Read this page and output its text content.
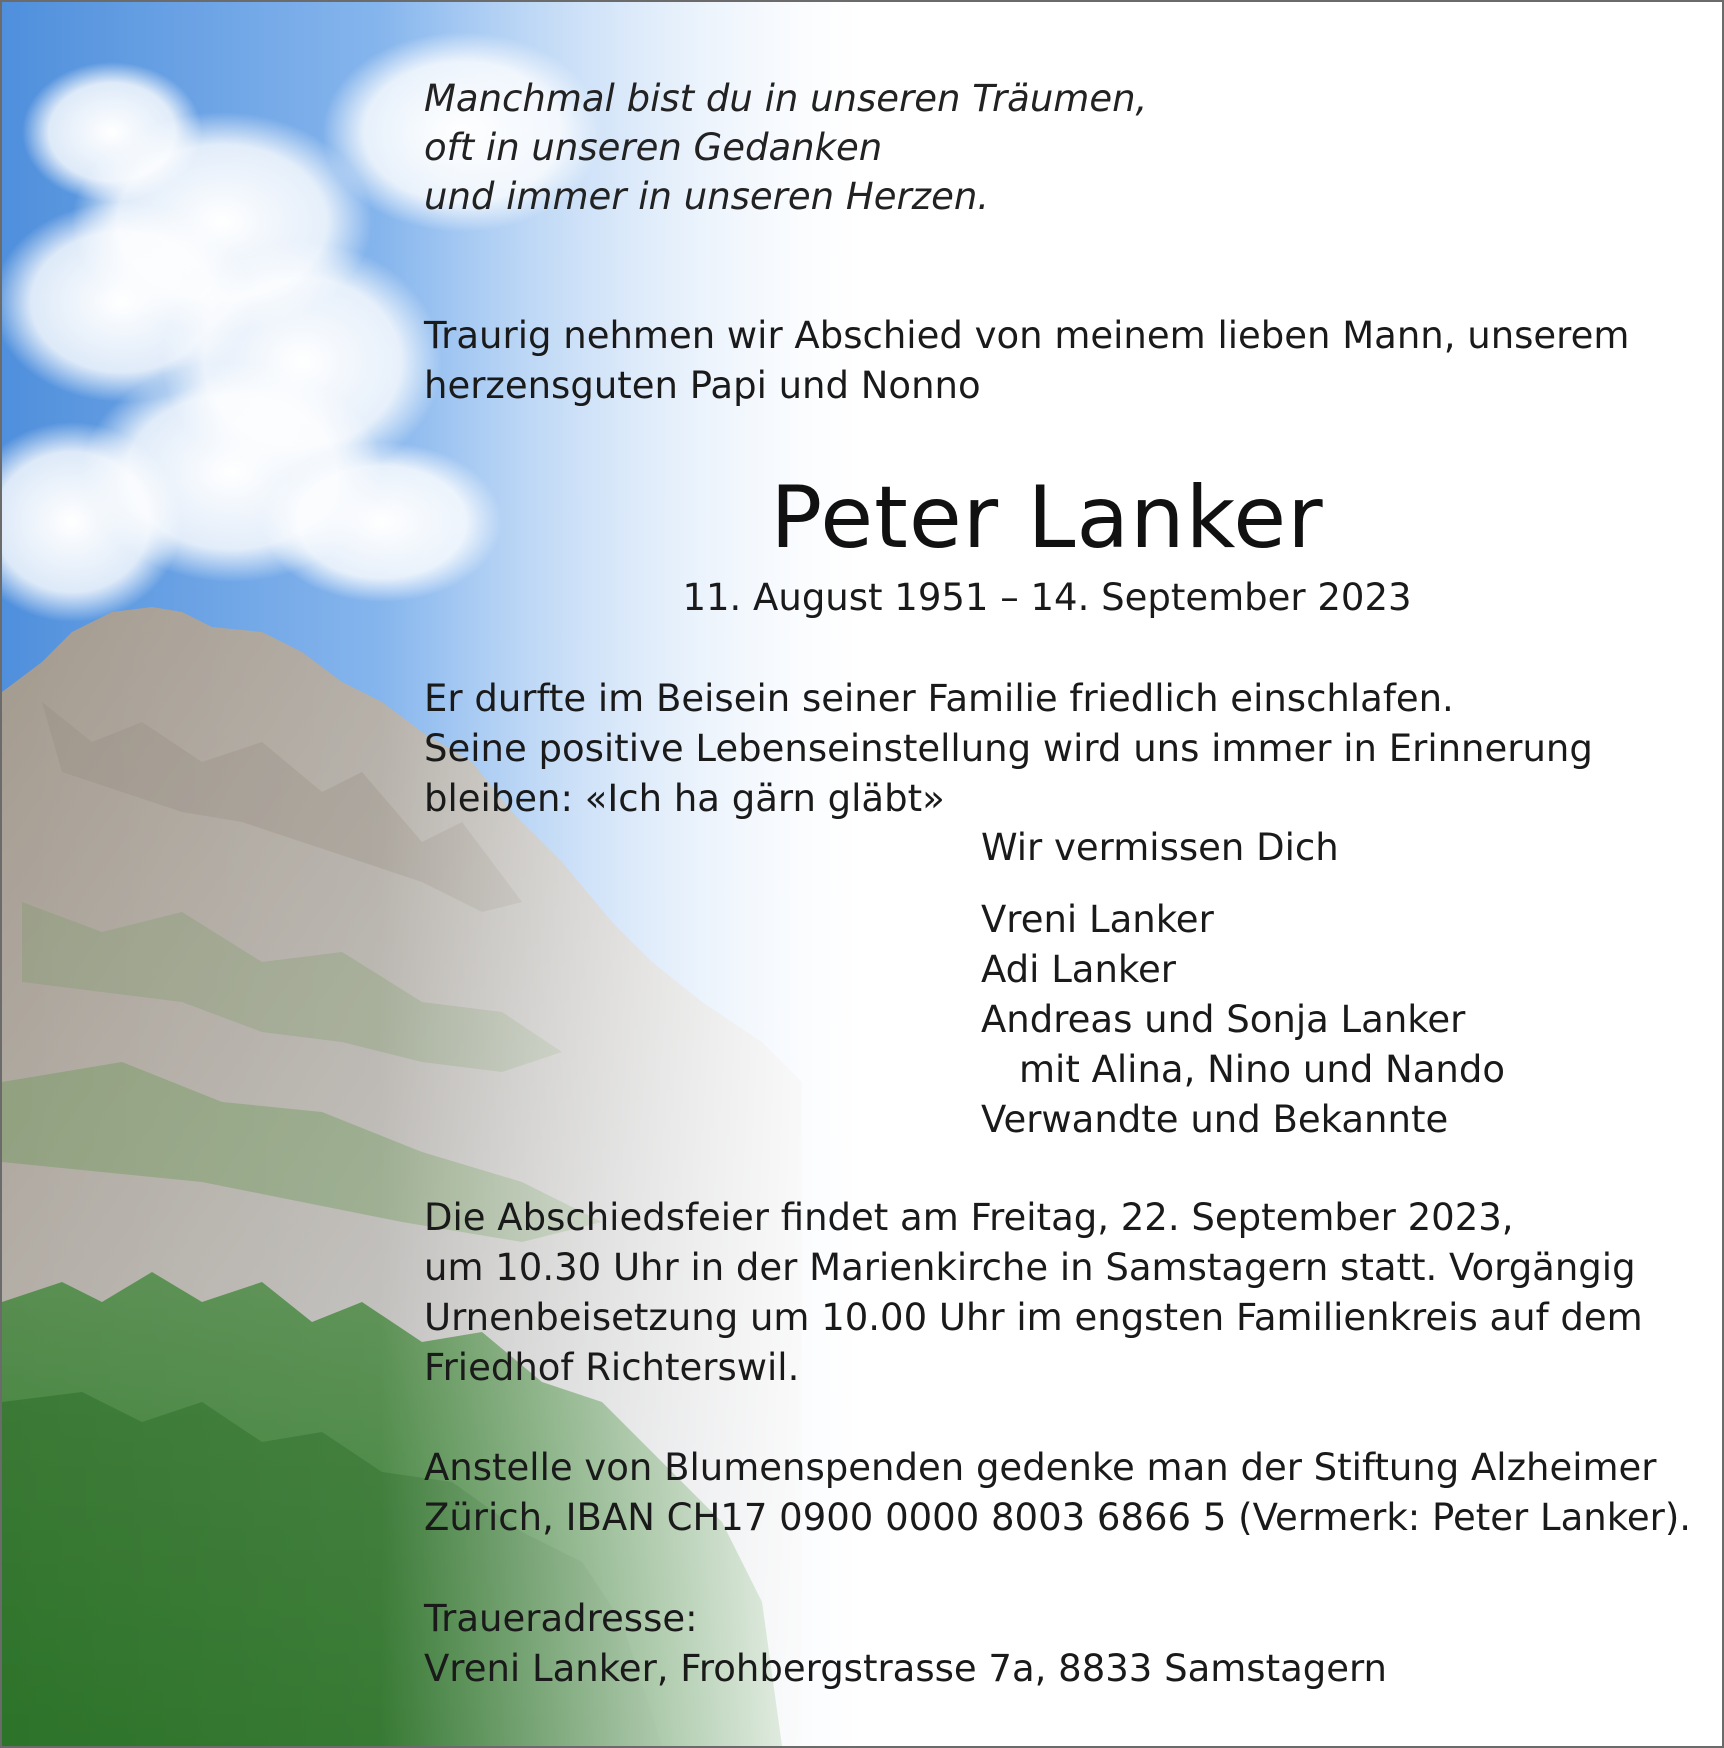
Manchmal bist du in unseren Träumen,
oft in unseren Gedanken
und immer in unseren Herzen.
Traurig nehmen wir Abschied von meinem lieben Mann, unserem
herzensguten Papi und Nonno
Peter Lanker
11. August 1951 – 14. September 2023
Er durfte im Beisein seiner Familie friedlich einschlafen.
Seine positive Lebenseinstellung wird uns immer in Erinnerung
bleiben: «Ich ha gärn gläbt»
Wir vermissen Dich
Vreni Lanker
Adi Lanker
Andreas und Sonja Lanker
mit Alina, Nino und Nando
Verwandte und Bekannte
Die Abschiedsfeier findet am Freitag, 22. September 2023,
um 10.30 Uhr in der Marienkirche in Samstagern statt. Vorgängig
Urnenbeisetzung um 10.00 Uhr im engsten Familienkreis auf dem
Friedhof Richterswil.
Anstelle von Blumenspenden gedenke man der Stiftung Alzheimer
Zürich, IBAN CH17 0900 0000 8003 6866 5 (Vermerk: Peter Lanker).
Traueradresse:
Vreni Lanker, Frohbergstrasse 7a, 8833 Samstagern
